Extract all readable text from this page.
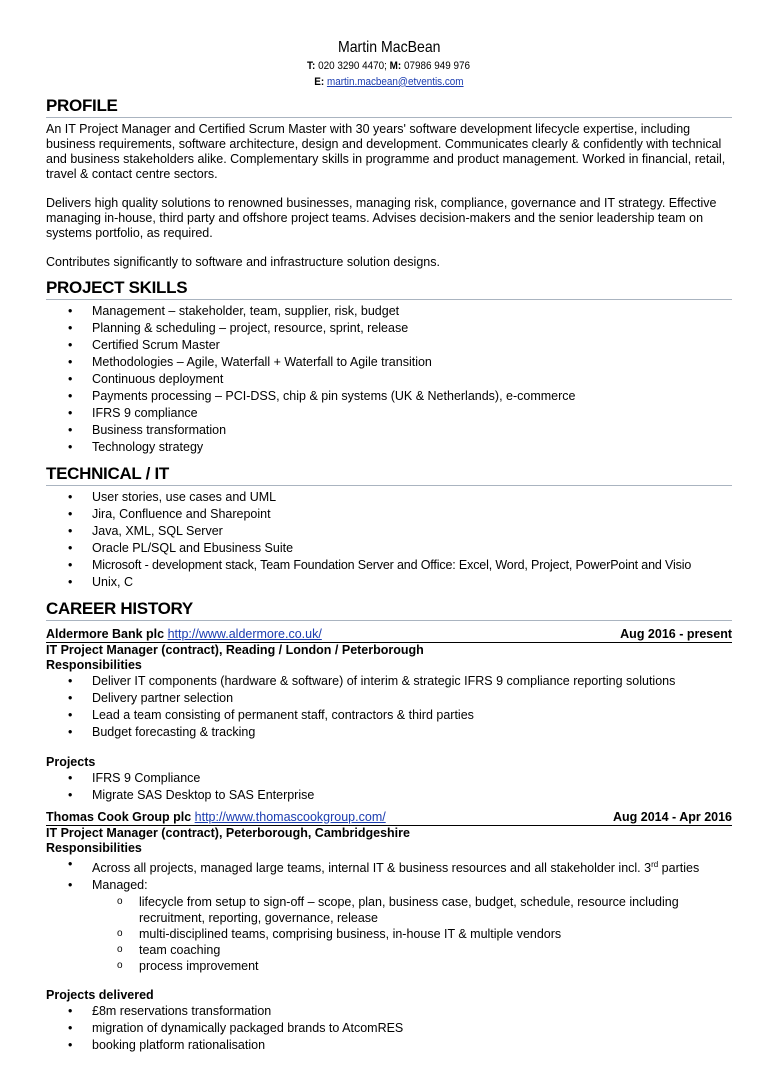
Martin MacBean
T: 020 3290 4470; M: 07986 949 976
E: martin.macbean@etventis.com
PROFILE

An IT Project Manager and Certified Scrum Master with 30 years' software development lifecycle expertise, including business requirements, software architecture, design and development. Communicates clearly & confidently with technical and business stakeholders alike. Complementary skills in programme and product management. Worked in financial, retail, travel & contact centre sectors.

Delivers high quality solutions to renowned businesses, managing risk, compliance, governance and IT strategy. Effective managing in-house, third party and offshore project teams. Advises decision-makers and the senior leadership team on systems portfolio, as required.

Contributes significantly to software and infrastructure solution designs.

PROJECT SKILLS
• Management – stakeholder, team, supplier, risk, budget
• Planning & scheduling – project, resource, sprint, release
• Certified Scrum Master
• Methodologies – Agile, Waterfall + Waterfall to Agile transition
• Continuous deployment
• Payments processing – PCI-DSS, chip & pin systems (UK & Netherlands), e-commerce
• IFRS 9 compliance
• Business transformation
• Technology strategy
TECHNICAL / IT
• User stories, use cases and UML
• Jira, Confluence and Sharepoint
• Java, XML, SQL Server
• Oracle PL/SQL and Ebusiness Suite
• Microsoft - development stack, Team Foundation Server and Office: Excel, Word, Project, PowerPoint and Visio
• Unix, C
CAREER HISTORY
Aldermore Bank plc http://www.aldermore.co.uk/	Aug 2016 - present
IT Project Manager (contract), Reading / London / Peterborough
Responsibilities
• Deliver IT components (hardware & software) of interim & strategic IFRS 9 compliance reporting solutions
• Delivery partner selection
• Lead a team consisting of permanent staff, contractors & third parties
• Budget forecasting & tracking
Projects
• IFRS 9 Compliance
• Migrate SAS Desktop to SAS Enterprise
Thomas Cook Group plc http://www.thomascookgroup.com/	Aug 2014 - Apr 2016
IT Project Manager (contract), Peterborough, Cambridgeshire
Responsibilities
• Across all projects, managed large teams, internal IT & business resources and all stakeholder incl. 3rd parties
• Managed:
o lifecycle from setup to sign-off – scope, plan, business case, budget, schedule, resource including recruitment, reporting, governance, release
o multi-disciplined teams, comprising business, in-house IT & multiple vendors
o team coaching
o process improvement
Projects delivered
• £8m reservations transformation
• migration of dynamically packaged brands to AtcomRES
• booking platform rationalisation
